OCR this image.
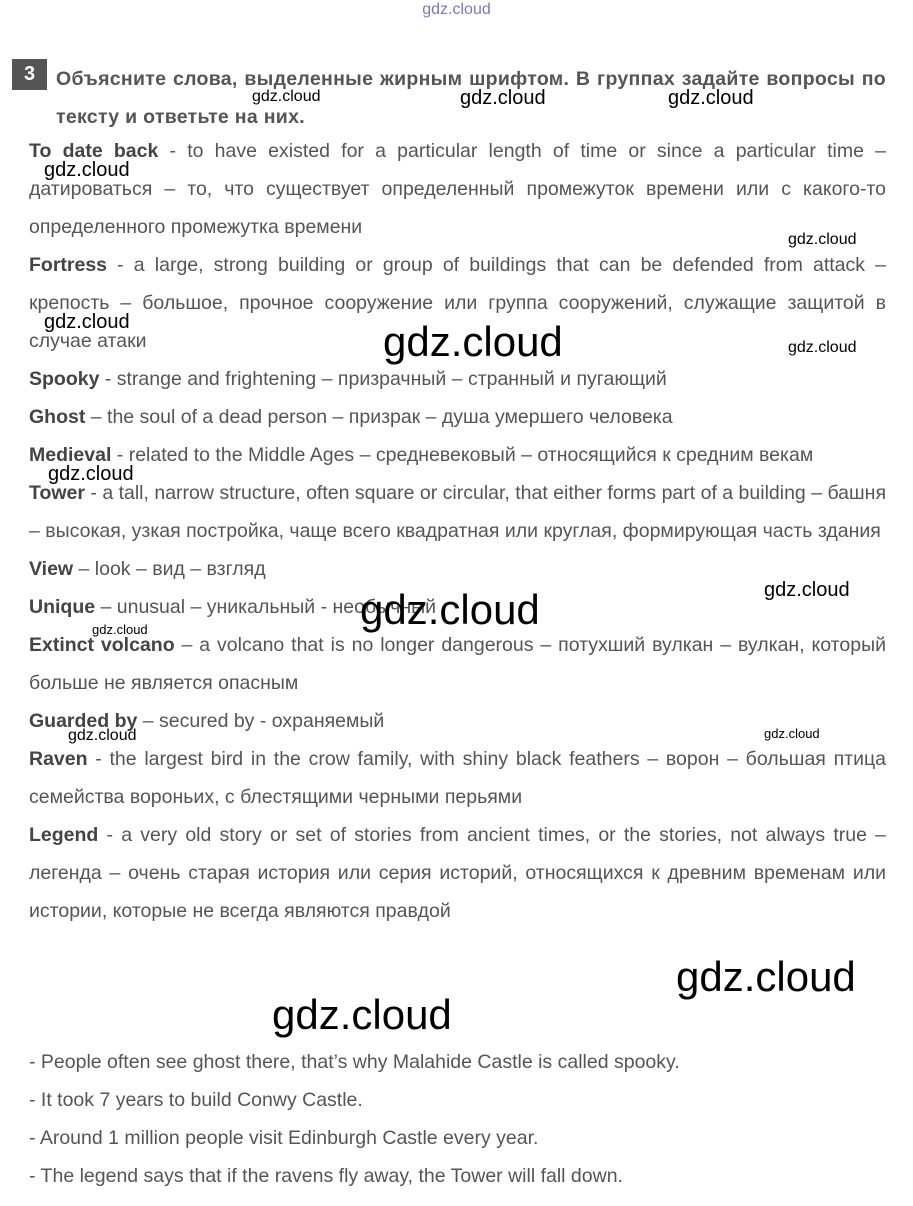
gdz.cloud
3	Объясните слова, выделенные жирным шрифтом. В группах задайте вопросы по тексту и ответьте на них.
To date back - to have existed for a particular length of time or since a particular time – датироваться – то, что существует определенный промежуток времени или с какого-то определенного промежутка времени
Fortress - a large, strong building or group of buildings that can be defended from attack – крепость – большое, прочное сооружение или группа сооружений, служащие защитой в случае атаки
Spooky - strange and frightening – призрачный – странный и пугающий
Ghost – the soul of a dead person – призрак – душа умершего человека
Medieval - related to the Middle Ages – средневековый – относящийся к средним векам
Tower - a tall, narrow structure, often square or circular, that either forms part of a building – башня – высокая, узкая постройка, чаще всего квадратная или круглая, формирующая часть здания
View – look – вид – взгляд
Unique – unusual – уникальный - необычный
Extinct volcano – a volcano that is no longer dangerous – потухший вулкан – вулкан, который больше не является опасным
Guarded by – secured by - охраняемый
Raven - the largest bird in the crow family, with shiny black feathers – ворон – большая птица семейства вороньих, с блестящими черными перьями
Legend - a very old story or set of stories from ancient times, or the stories, not always true – легенда – очень старая история или серия историй, относящихся к древним временам или истории, которые не всегда являются правдой
- People often see ghost there, that’s why Malahide Castle is called spooky.
- It took 7 years to build Conwy Castle.
- Around 1 million people visit Edinburgh Castle every year.
- The legend says that if the ravens fly away, the Tower will fall down.
gdz.cloud	gdz.cloud	gdz.cloud
gdz.cloud
gdz.cloud
gdz.cloud	gdz.cloud	gdz.cloud
gdz.cloud
gdz.cloud	gdz.cloud
gdz.cloud
gdz.cloud	gdz.cloud
gdz.cloud
gdz.cloud
